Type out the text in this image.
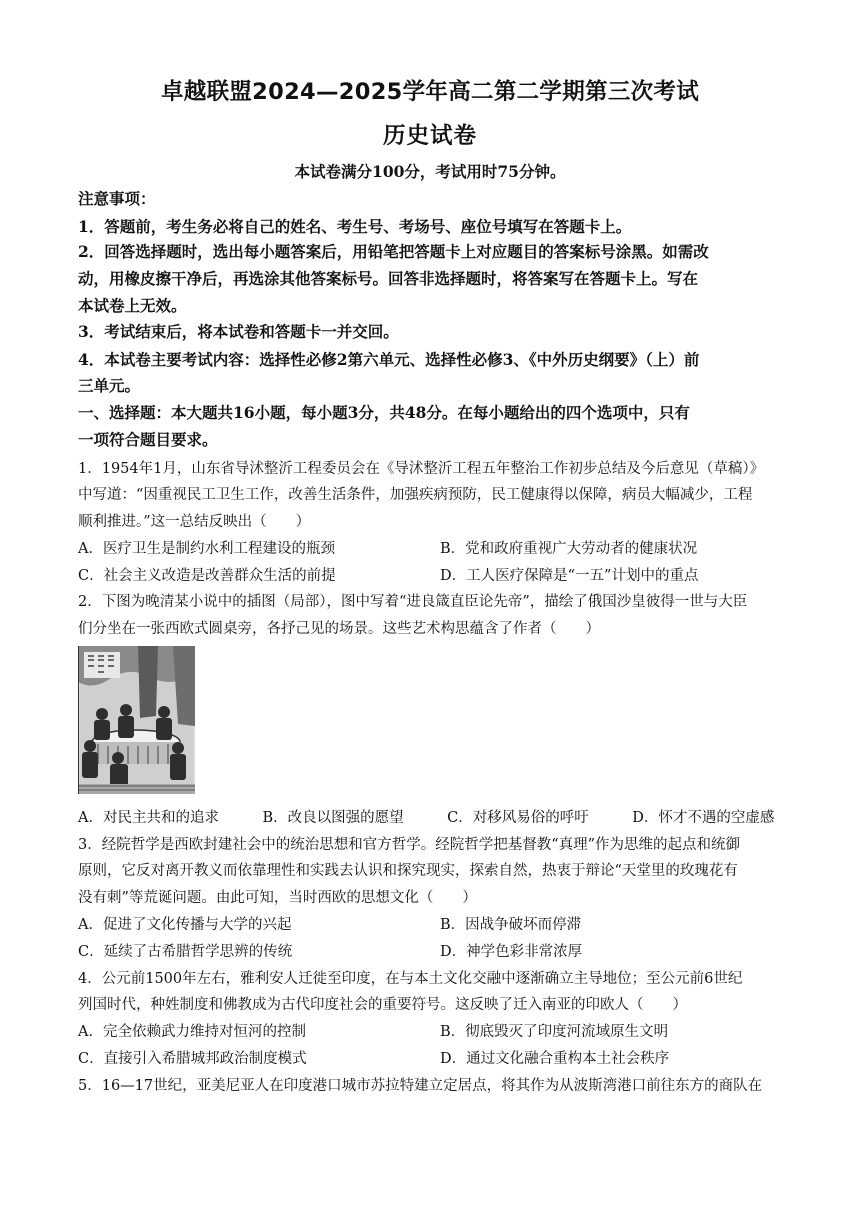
卓越联盟2024—2025学年高二第二学期第三次考试
历史试卷
本试卷满分100分，考试用时75分钟。
注意事项：
1．答题前，考生务必将自己的姓名、考生号、考场号、座位号填写在答题卡上。
2．回答选择题时，选出每小题答案后，用铅笔把答题卡上对应题目的答案标号涂黑。如需改
动，用橡皮擦干净后，再选涂其他答案标号。回答非选择题时，将答案写在答题卡上。写在
本试卷上无效。
3．考试结束后，将本试卷和答题卡一并交回。
4．本试卷主要考试内容：选择性必修2第六单元、选择性必修3、《中外历史纲要》（上）前
三单元。
一、选择题：本大题共16小题，每小题3分，共48分。在每小题给出的四个选项中，只有
一项符合题目要求。
1．1954年1月，山东省导沭整沂工程委员会在《导沭整沂工程五年整治工作初步总结及今后意见（草稿）》
中写道：“因重视民工卫生工作，改善生活条件，加强疾病预防，民工健康得以保障，病员大幅减少，工程
顺利推进。”这一总结反映出（　　）
A．医疗卫生是制约水利工程建设的瓶颈	B．党和政府重视广大劳动者的健康状况
C．社会主义改造是改善群众生活的前提	D．工人医疗保障是“一五”计划中的重点
2．下图为晚清某小说中的插图（局部），图中写着“进良箴直臣论先帝”，描绘了俄国沙皇彼得一世与大臣
们分坐在一张西欧式圆桌旁，各抒己见的场景。这些艺术构思蕴含了作者（　　）
A．对民主共和的追求　　　B．改良以图强的愿望　　　C．对移风易俗的呼吁　　　D．怀才不遇的空虚感
3．经院哲学是西欧封建社会中的统治思想和官方哲学。经院哲学把基督教“真理”作为思维的起点和统御
原则，它反对离开教义而依靠理性和实践去认识和探究现实，探索自然，热衷于辩论“天堂里的玫瑰花有
没有刺”等荒诞问题。由此可知，当时西欧的思想文化（　　）
A．促进了文化传播与大学的兴起	B．因战争破坏而停滞
C．延续了古希腊哲学思辨的传统	D．神学色彩非常浓厚
4．公元前1500年左右，雅利安人迁徙至印度，在与本土文化交融中逐渐确立主导地位；至公元前6世纪
列国时代，种姓制度和佛教成为古代印度社会的重要符号。这反映了迁入南亚的印欧人（　　）
A．完全依赖武力维持对恒河的控制	B．彻底毁灭了印度河流域原生文明
C．直接引入希腊城邦政治制度模式	D．通过文化融合重构本土社会秩序
5．16—17世纪，亚美尼亚人在印度港口城市苏拉特建立定居点，将其作为从波斯湾港口前往东方的商队在
